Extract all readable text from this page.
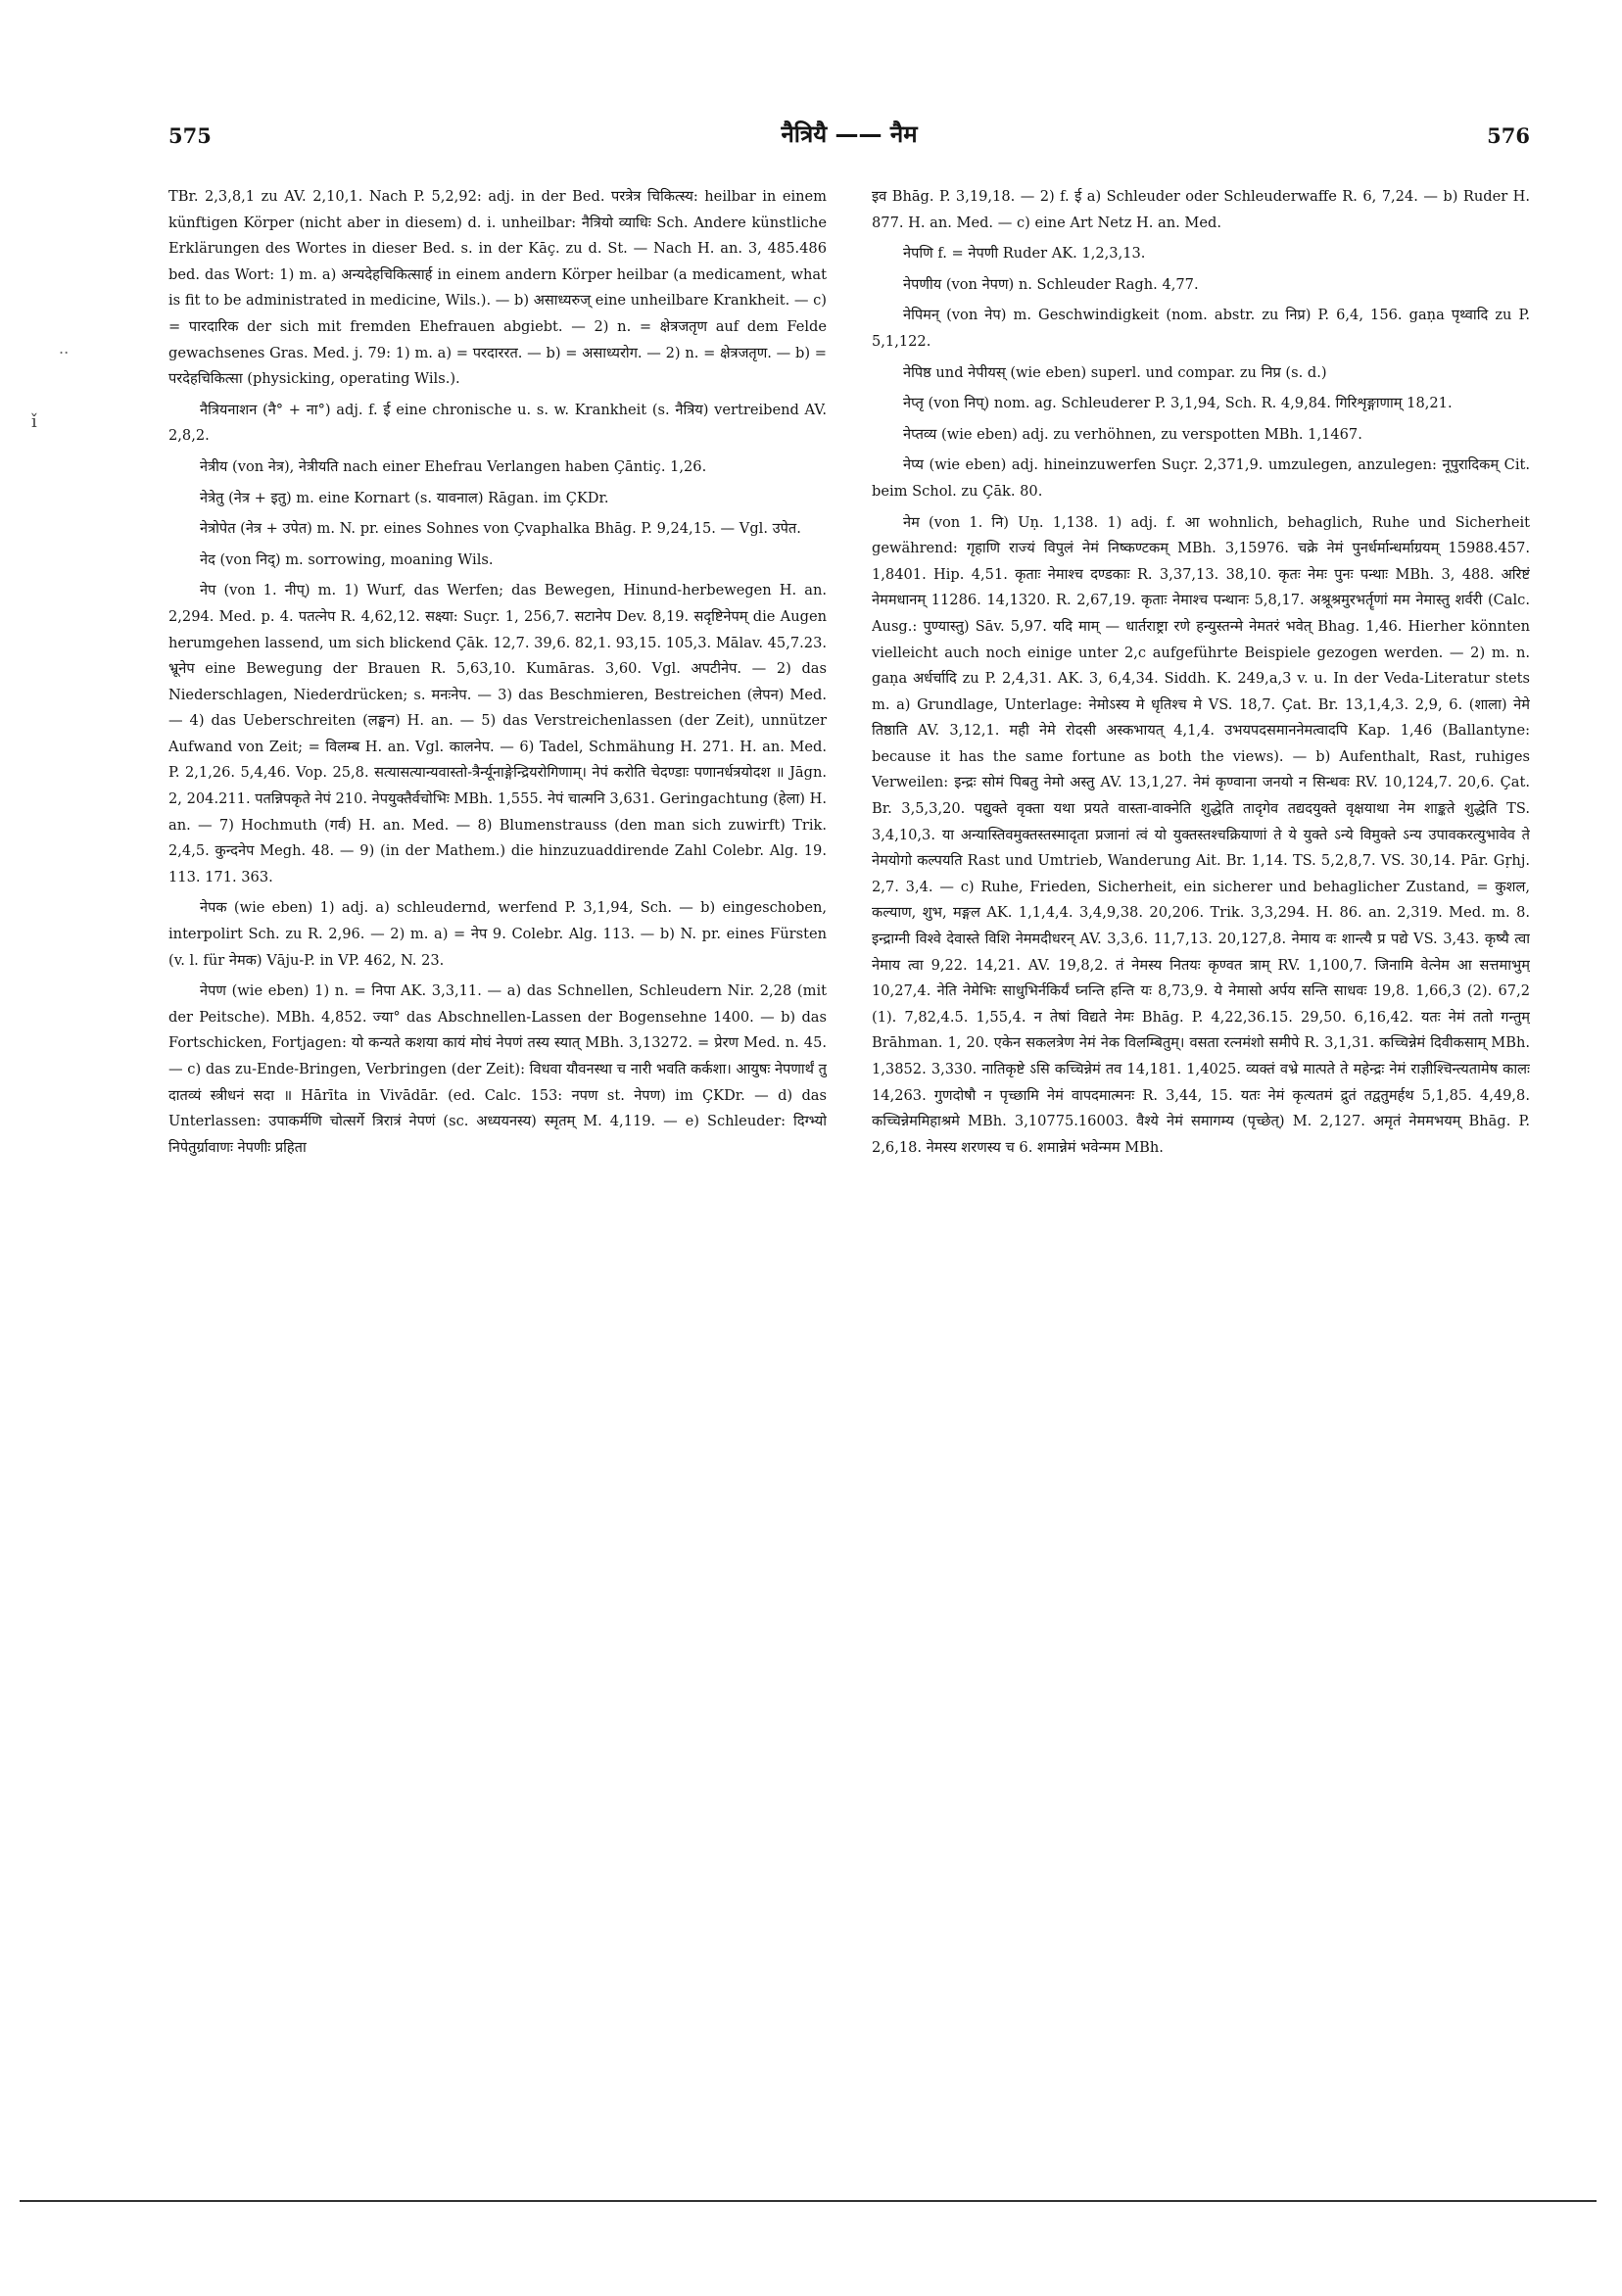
575	नैत्रियै —— नैम	576
..
ǐ

TBr. 2,3,8,1 zu AV. 2,10,1. Nach P. 5,2,92: adj. in der Bed. परत्रेत्र चिकित्स्य: heilbar in einem künftigen Körper (nicht aber in diesem) d. i. unheilbar: नैत्रियो व्याधिः Sch. Andere künstliche Erklärungen des Wortes in dieser Bed. s. in der Kāç. zu d. St. — Nach H. an. 3, 485.486 bed. das Wort: 1) m. a) अन्यदेहचिकित्सार्ह in einem andern Körper heilbar (a medicament, what is fit to be administrated in medicine, Wils.). — b) असाध्यरुज् eine unheilbare Krankheit. — c) = पारदारिक der sich mit fremden Ehefrauen abgiebt. — 2) n. = क्षेत्रजतृण auf dem Felde gewachsenes Gras. Med. j. 79: 1) m. a) = परदाररत. — b) = असाध्यरोग. — 2) n. = क्षेत्रजतृण. — b) = परदेहचिकित्सा (physicking, operating Wils.).

नैत्रियनाशन (नै° + ना°) adj. f. ई eine chronische u. s. w. Krankheit (s. नैत्रिय) vertreibend AV. 2,8,2.

नेत्रीय (von नेत्र), नेत्रीयति nach einer Ehefrau Verlangen haben Çāntiç. 1,26.

नेत्रेतु (नेत्र + इतु) m. eine Kornart (s. यावनाल) Rāgan. im ÇKDr.

नेत्रोपेत (नेत्र + उपेत) m. N. pr. eines Sohnes von Çvaphalka Bhāg. P. 9,24,15. — Vgl. उपेत.

नेद (von निद्) m. sorrowing, moaning Wils.

नेप (von 1. नीप्) m. 1) Wurf, das Werfen; das Bewegen, Hinund-herbewegen H. an. 2,294. Med. p. 4. पतत्नेप R. 4,62,12. सक्ष्या: Suçr. 1, 256,7. सटानेप Dev. 8,19. सदृष्टिनेपम् die Augen herumgehen lassend, um sich blickend Çāk. 12,7. 39,6. 82,1. 93,15. 105,3. Mālav. 45,7.23. भ्रूनेप eine Bewegung der Brauen R. 5,63,10. Kumāras. 3,60. Vgl. अपटीनेप. — 2) das Niederschlagen, Niederdrücken; s. मनःनेप. — 3) das Beschmieren, Bestreichen (लेपन) Med. — 4) das Ueberschreiten (लङ्घन) H. an. — 5) das Verstreichenlassen (der Zeit), unnützer Aufwand von Zeit; = विलम्ब H. an. Vgl. कालनेप. — 6) Tadel, Schmähung H. 271. H. an. Med. P. 2,1,26. 5,4,46. Vop. 25,8. सत्यासत्यान्यवास्तो-त्रैर्न्यूनाङ्गेन्द्रियरोगिणाम्। नेपं करोति चेदण्डाः पणानर्धत्रयोदश ॥ Jāgn. 2, 204.211. पतन्निपकृते नेपं 210. नेपयुक्तैर्वचोभिः MBh. 1,555. नेपं चात्मनि 3,631. Geringachtung (हेला) H. an. — 7) Hochmuth (गर्व) H. an. Med. — 8) Blumenstrauss (den man sich zuwirft) Trik. 2,4,5. कुन्दनेप Megh. 48. — 9) (in der Mathem.) die hinzuzuaddirende Zahl Colebr. Alg. 19. 113. 171. 363.

नेपक (wie eben) 1) adj. a) schleudernd, werfend P. 3,1,94, Sch. — b) eingeschoben, interpolirt Sch. zu R. 2,96. — 2) m. a) = नेप 9. Colebr. Alg. 113. — b) N. pr. eines Fürsten (v. l. für नेमक) Vāju-P. in VP. 462, N. 23.

नेपण (wie eben) 1) n. = निपा AK. 3,3,11. — a) das Schnellen, Schleudern Nir. 2,28 (mit der Peitsche). MBh. 4,852. ज्या° das Abschnellen-Lassen der Bogensehne 1400. — b) das Fortschicken, Fortjagen: यो कन्यते कशया कायं मोघं नेपणं तस्य स्यात् MBh. 3,13272. = प्रेरण Med. n. 45. — c) das zu-Ende-Bringen, Verbringen (der Zeit): विधवा यौवनस्था च नारी भवति कर्कशा। आयुषः नेपणार्थं तु दातव्यं स्त्रीधनं सदा ॥ Hārīta in Vivādār. (ed. Calc. 153: नपण st. नेपण) im ÇKDr. — d) das Unterlassen: उपाकर्मणि चोत्सर्गे त्रिरात्रं नेपणं (sc. अध्ययनस्य) स्मृतम् M. 4,119. — e) Schleuder: दिग्भ्यो निपेतुर्ग्रावाणः नेपणीः प्रहिता

इव Bhāg. P. 3,19,18. — 2) f. ई a) Schleuder oder Schleuderwaffe R. 6, 7,24. — b) Ruder H. 877. H. an. Med. — c) eine Art Netz H. an. Med.

नेपणि f. = नेपणी Ruder AK. 1,2,3,13.

नेपणीय (von नेपण) n. Schleuder Ragh. 4,77.

नेपिमन् (von नेप) m. Geschwindigkeit (nom. abstr. zu निप्र) P. 6,4, 156. gaṇa पृथ्वादि zu P. 5,1,122.

नेपिष्ठ und नेपीयस् (wie eben) superl. und compar. zu निप्र (s. d.)

नेप्तृ (von निप्) nom. ag. Schleuderer P. 3,1,94, Sch. R. 4,9,84. गिरिशृङ्गाणाम् 18,21.

नेप्तव्य (wie eben) adj. zu verhöhnen, zu verspotten MBh. 1,1467.

नेप्य (wie eben) adj. hineinzuwerfen Suçr. 2,371,9. umzulegen, anzulegen: नूपुरादिकम् Cit. beim Schol. zu Çāk. 80.

नेम (von 1. नि) Uṇ. 1,138. 1) adj. f. आ wohnlich, behaglich, Ruhe und Sicherheit gewährend: गृहाणि राज्यं विपुलं नेमं निष्कण्टकम् MBh. 3,15976. चक्रे नेमं पुनर्धर्मान्धर्माग्रयम् 15988.457. 1,8401. Hip. 4,51. कृताः नेमाश्च दण्डकाः R. 3,37,13. 38,10. कृतः नेमः पुनः पन्थाः MBh. 3, 488. अरिष्टं नेममधानम् 11286. 14,1320. R. 2,67,19. कृताः नेमाश्च पन्थानः 5,8,17. अश्रूश्रमुरभर्तॄणां मम नेमास्तु शर्वरी (Calc. Ausg.: पुण्यास्तु) Sāv. 5,97. यदि माम् — धार्तराष्ट्रा रणे हन्युस्तन्मे नेमतरं भवेत् Bhag. 1,46. Hierher könnten vielleicht auch noch einige unter 2,c aufgeführte Beispiele gezogen werden. — 2) m. n. gaṇa अर्धर्चादि zu P. 2,4,31. AK. 3, 6,4,34. Siddh. K. 249,a,3 v. u. In der Veda-Literatur stets m. a) Grundlage, Unterlage: नेमोऽस्य मे धृतिश्च मे VS. 18,7. Çat. Br. 13,1,4,3. 2,9, 6. (शाला) नेमे तिष्ठाति AV. 3,12,1. मही नेमे रोदसी अस्कभायत् 4,1,4. उभयपदसमाननेमत्वादपि Kap. 1,46 (Ballantyne: because it has the same fortune as both the views). — b) Aufenthalt, Rast, ruhiges Verweilen: इन्द्रः सोमं पिबतु नेमो अस्तु AV. 13,1,27. नेमं कृण्वाना जनयो न सिन्धवः RV. 10,124,7. 20,6. Çat. Br. 3,5,3,20. पद्युक्ते वृक्ता यथा प्रयते वास्ता-वाक्नेति शुद्धेति तादृगेव तद्यदयुक्ते वृक्षयाथा नेम शाङ्कते शुद्धेति TS. 3,4,10,3. या अन्यास्तिवमुक्तस्तस्मादृता प्रजानां त्वं यो युक्तस्तश्चक्रियाणां ते ये युक्ते ऽन्ये विमुक्ते ऽन्य उपावकरत्युभावेव ते नेमयोगो कल्पयति Rast und Umtrieb, Wanderung Ait. Br. 1,14. TS. 5,2,8,7. VS. 30,14. Pār. Gṛhj. 2,7. 3,4. — c) Ruhe, Frieden, Sicherheit, ein sicherer und behaglicher Zustand, = कुशल, कल्याण, शुभ, मङ्गल AK. 1,1,4,4. 3,4,9,38. 20,206. Trik. 3,3,294. H. 86. an. 2,319. Med. m. 8. इन्द्राग्नी विश्वे देवास्ते विशि नेममदीधरन् AV. 3,3,6. 11,7,13. 20,127,8. नेमाय वः शान्त्यै प्र पद्ये VS. 3,43. कृष्यै त्वा नेमाय त्वा 9,22. 14,21. AV. 19,8,2. तं नेमस्य नितयः कृण्वत त्राम् RV. 1,100,7. जिनामि वेत्नेम आ सत्तमाभुम् 10,27,4. नेति नेमेभिः साधुभिर्नकिर्यं घ्नन्ति हन्ति यः 8,73,9. ये नेमासो अर्पय सन्ति साधवः 19,8. 1,66,3 (2). 67,2 (1). 7,82,4.5. 1,55,4. न तेषां विद्यते नेमः Bhāg. P. 4,22,36.15. 29,50. 6,16,42. यतः नेमं ततो गन्तुम् Brāhman. 1, 20. एकेन सकलत्रेण नेमं नेक विलम्बितुम्। वसता रत्नमंशो समीपे R. 3,1,31. कच्चिन्नेमं दिवीकसाम् MBh. 1,3852. 3,330. नातिकृष्टे ऽसि कच्चिन्नेमं तव 14,181. 1,4025. व्यक्तं वभ्रे मात्पते ते महेन्द्रः नेमं राज्ञीश्चिन्त्यतामेष कालः 14,263. गुणदोषौ न पृच्छामि नेमं वापदमात्मनः R. 3,44, 15. यतः नेमं कृत्यतमं द्रुतं तद्वतुमर्हथ 5,1,85. 4,49,8. कच्चिन्नेममिहाश्रमे MBh. 3,10775.16003. वैश्ये नेमं समागम्य (पृच्छेत्) M. 2,127. अमृतं नेममभयम् Bhāg. P. 2,6,18. नेमस्य शरणस्य च 6. शमान्नेमं भवेन्मम MBh.
